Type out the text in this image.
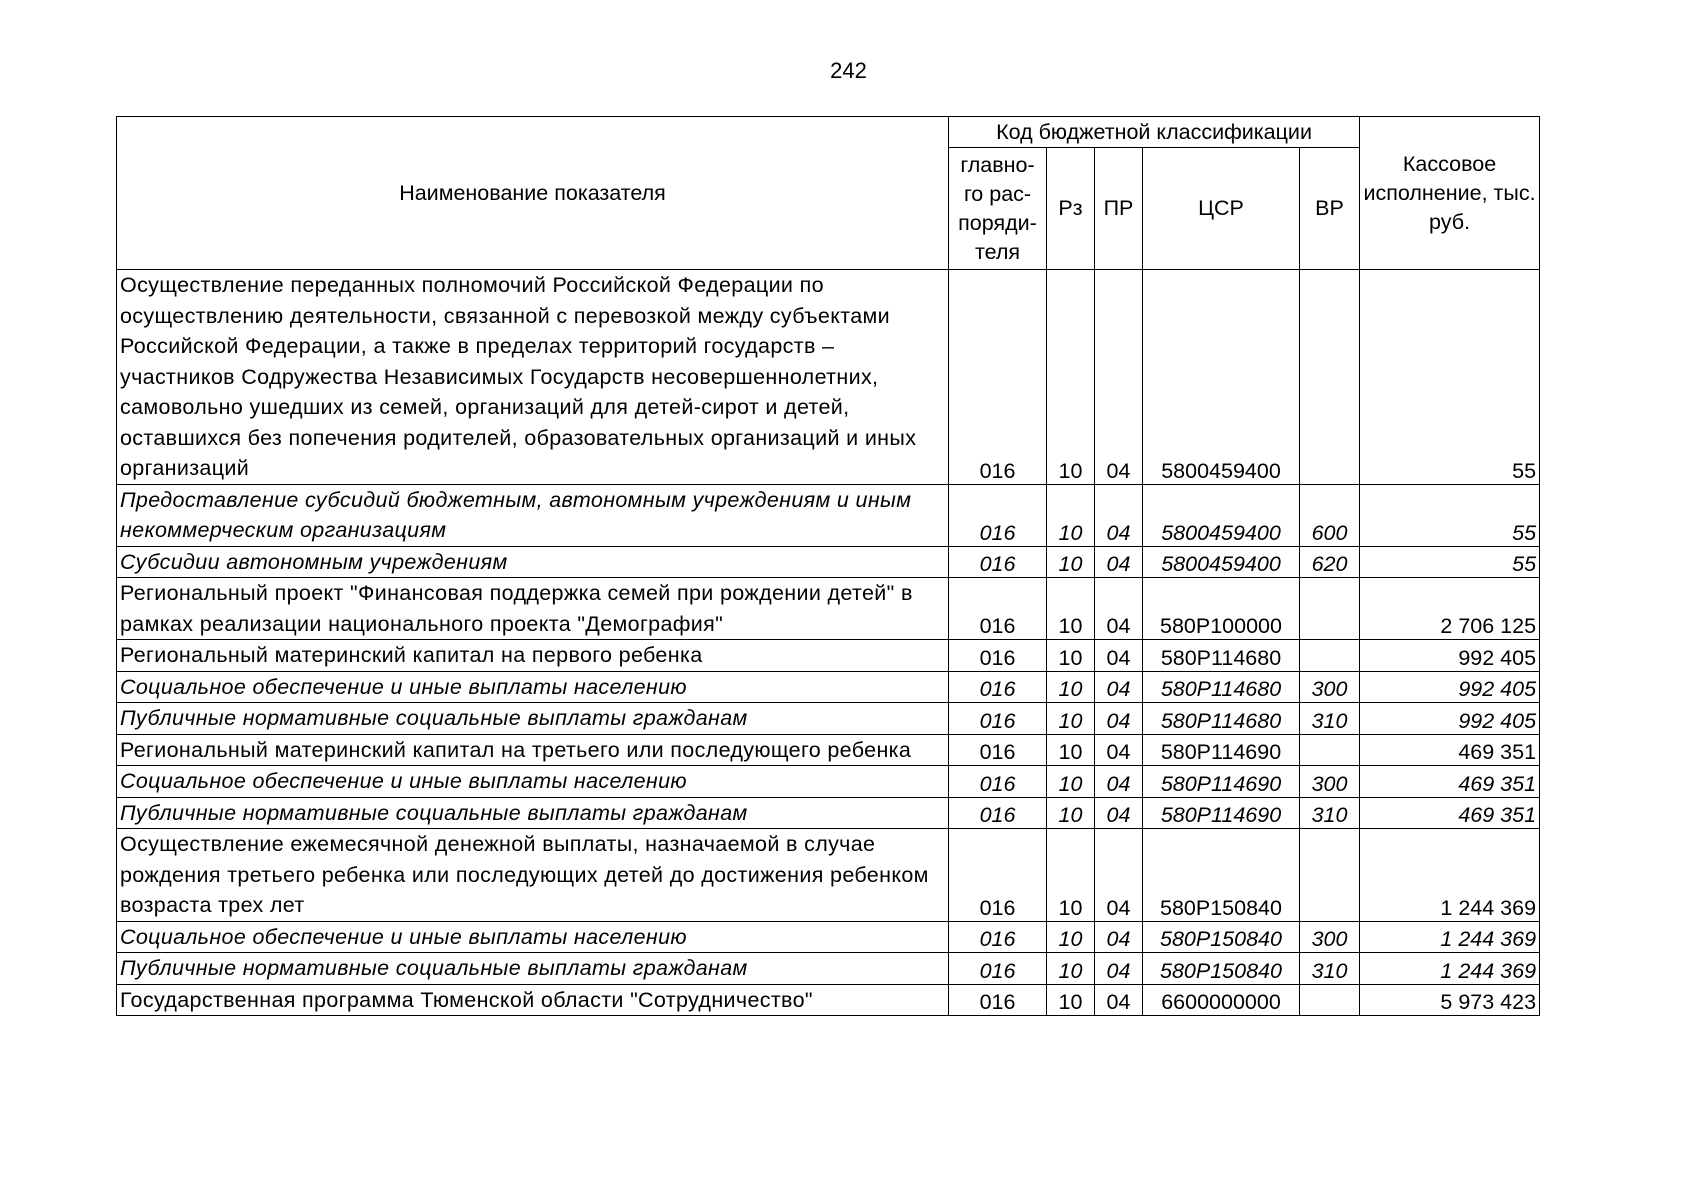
242
Наименование показателя	Код бюджетной классификации					Кассовое исполнение, тыс. руб.
	главно-го рас-поряди-теля	Рз	ПР	ЦСР	ВР	
Осуществление переданных полномочий Российской Федерации по осуществлению деятельности, связанной с перевозкой между субъектами Российской Федерации, а также в пределах территорий государств – участников Содружества Независимых Государств несовершеннолетних, самовольно ушедших из семей, организаций для детей-сирот и детей, оставшихся без попечения родителей, образовательных организаций и иных организаций	016	10	04	5800459400		55
Предоставление субсидий бюджетным, автономным учреждениям и иным некоммерческим организациям	016	10	04	5800459400	600	55
Субсидии автономным учреждениям	016	10	04	5800459400	620	55
Региональный проект "Финансовая поддержка семей при рождении детей" в рамках реализации национального проекта "Демография"	016	10	04	580P100000		2 706 125
Региональный материнский капитал на первого ребенка	016	10	04	580P114680		992 405
Социальное обеспечение и иные выплаты населению	016	10	04	580P114680	300	992 405
Публичные нормативные социальные выплаты гражданам	016	10	04	580P114680	310	992 405
Региональный материнский капитал на третьего или последующего ребенка	016	10	04	580P114690		469 351
Социальное обеспечение и иные выплаты населению	016	10	04	580P114690	300	469 351
Публичные нормативные социальные выплаты гражданам	016	10	04	580P114690	310	469 351
Осуществление ежемесячной денежной выплаты, назначаемой в случае рождения третьего ребенка или последующих детей до достижения ребенком возраста трех лет	016	10	04	580P150840		1 244 369
Социальное обеспечение и иные выплаты населению	016	10	04	580P150840	300	1 244 369
Публичные нормативные социальные выплаты гражданам	016	10	04	580P150840	310	1 244 369
Государственная программа Тюменской области "Сотрудничество"	016	10	04	6600000000		5 973 423
